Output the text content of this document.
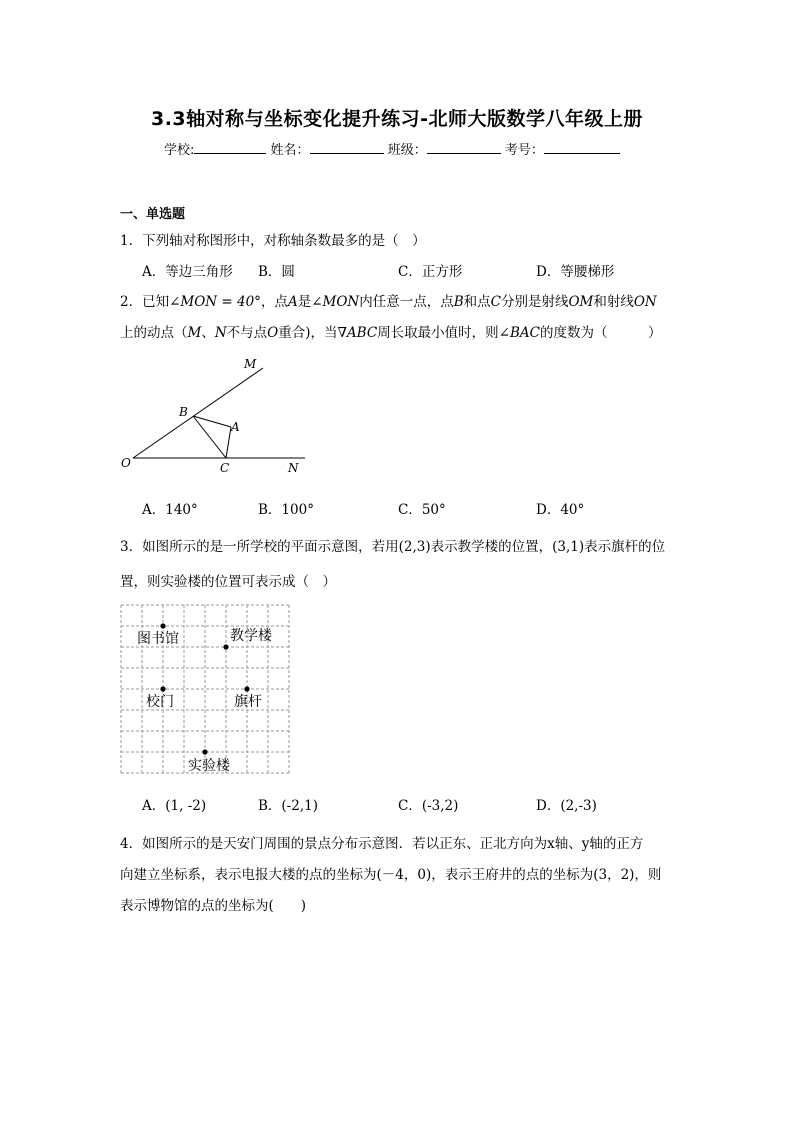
3.3轴对称与坐标变化提升练习-北师大版数学八年级上册
学校:	姓名：	班级：	考号：
一、单选题
1．下列轴对称图形中，对称轴条数最多的是（　）
A．等边三角形 B．圆	C．正方形	D．等腰梯形
2．已知∠MON = 40°，点A是∠MON内任意一点，点B和点C分别是射线OM和射线ON
上的动点（M、N不与点O重合)，当∇ABC周长取最小值时，则∠BAC的度数为（　　　）
M
B
A
O	C	N
A．140°	B．100°	C．50°	D．40°
3．如图所示的是一所学校的平面示意图，若用(2,3)表示教学楼的位置，(3,1)表示旗杆的位
置，则实验楼的位置可表示成（　）
图书馆	教学楼
校门	旗杆
实验楼
A．(1, -2)	B．(-2,1)	C．(-3,2)	D．(2,-3)
4．如图所示的是天安门周围的景点分布示意图．若以正东、正北方向为x轴、y轴的正方
向建立坐标系，表示电报大楼的点的坐标为(－4，0)，表示王府井的点的坐标为(3，2)，则
表示博物馆的点的坐标为(　　)
